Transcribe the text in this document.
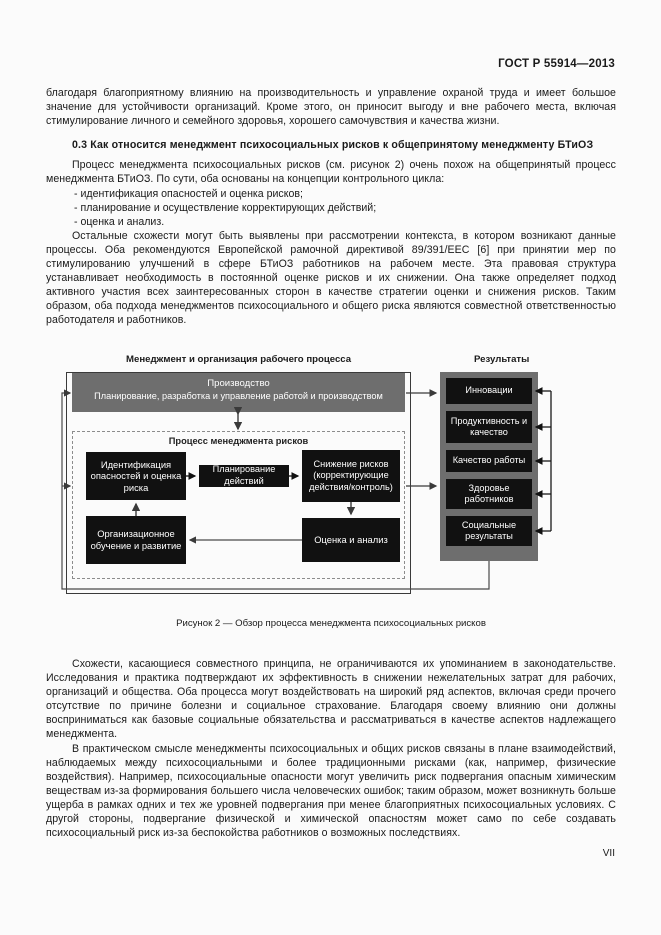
ГОСТ Р 55914—2013

благодаря благоприятному влиянию на производительность и управление охраной труда и имеет большое значение для устойчивости организаций. Кроме этого, он приносит выгоду и вне рабочего места, включая стимулирование личного и семейного здоровья, хорошего самочувствия и качества жизни.

0.3 Как относится менеджмент психосоциальных рисков к общепринятому менеджменту БТиОЗ

Процесс менеджмента психосоциальных рисков (см. рисунок 2) очень похож на общепринятый процесс менеджмента БТиОЗ. По сути, оба основаны на концепции контрольного цикла:

- идентификация опасностей и оценка рисков;

- планирование и осуществление корректирующих действий;

- оценка и анализ.

Остальные схожести могут быть выявлены при рассмотрении контекста, в котором возникают данные процессы. Оба рекомендуются Европейской рамочной директивой 89/391/EEC [6] при принятии мер по стимулированию улучшений в сфере БТиОЗ работников на рабочем месте. Эта правовая структура устанавливает необходимость в постоянной оценке рисков и их снижении. Она также определяет подход активного участия всех заинтересованных сторон в качестве стратегии оценки и снижения рисков. Таким образом, оба подхода менеджментов психосоциального и общего риска являются совместной ответственностью работодателя и работников.

Менеджмент и организация рабочего процесса	Результаты
Производство
Планирование, разработка и управление работой и производством
Процесс менеджмента рисков
Идентификация опасностей и оценка риска
Планирование действий
Снижение рисков (корректирующие действия/контроль)
Организационное обучение и развитие
Оценка и анализ
Инновации
Продуктивность и качество
Качество работы
Здоровье работников
Социальные результаты
Рисунок 2 — Обзор процесса менеджмента психосоциальных рисков

Схожести, касающиеся совместного принципа, не ограничиваются их упоминанием в законодательстве. Исследования и практика подтверждают их эффективность в снижении нежелательных затрат для рабочих, организаций и общества. Оба процесса могут воздействовать на широкий ряд аспектов, включая среди прочего отсутствие по причине болезни и социальное страхование. Благодаря своему влиянию они должны восприниматься как базовые социальные обязательства и рассматриваться в качестве аспектов надлежащего менеджмента.

В практическом смысле менеджменты психосоциальных и общих рисков связаны в плане взаимодействий, наблюдаемых между психосоциальными и более традиционными рисками (как, например, физические воздействия). Например, психосоциальные опасности могут увеличить риск подвергания опасным химическим веществам из-за формирования большего числа человеческих ошибок; таким образом, может возникнуть больше ущерба в рамках одних и тех же уровней подвергания при менее благоприятных психосоциальных условиях. С другой стороны, подвергание физической и химической опасностям может само по себе создавать психосоциальный риск из-за беспокойства работников о возможных последствиях.

VII
